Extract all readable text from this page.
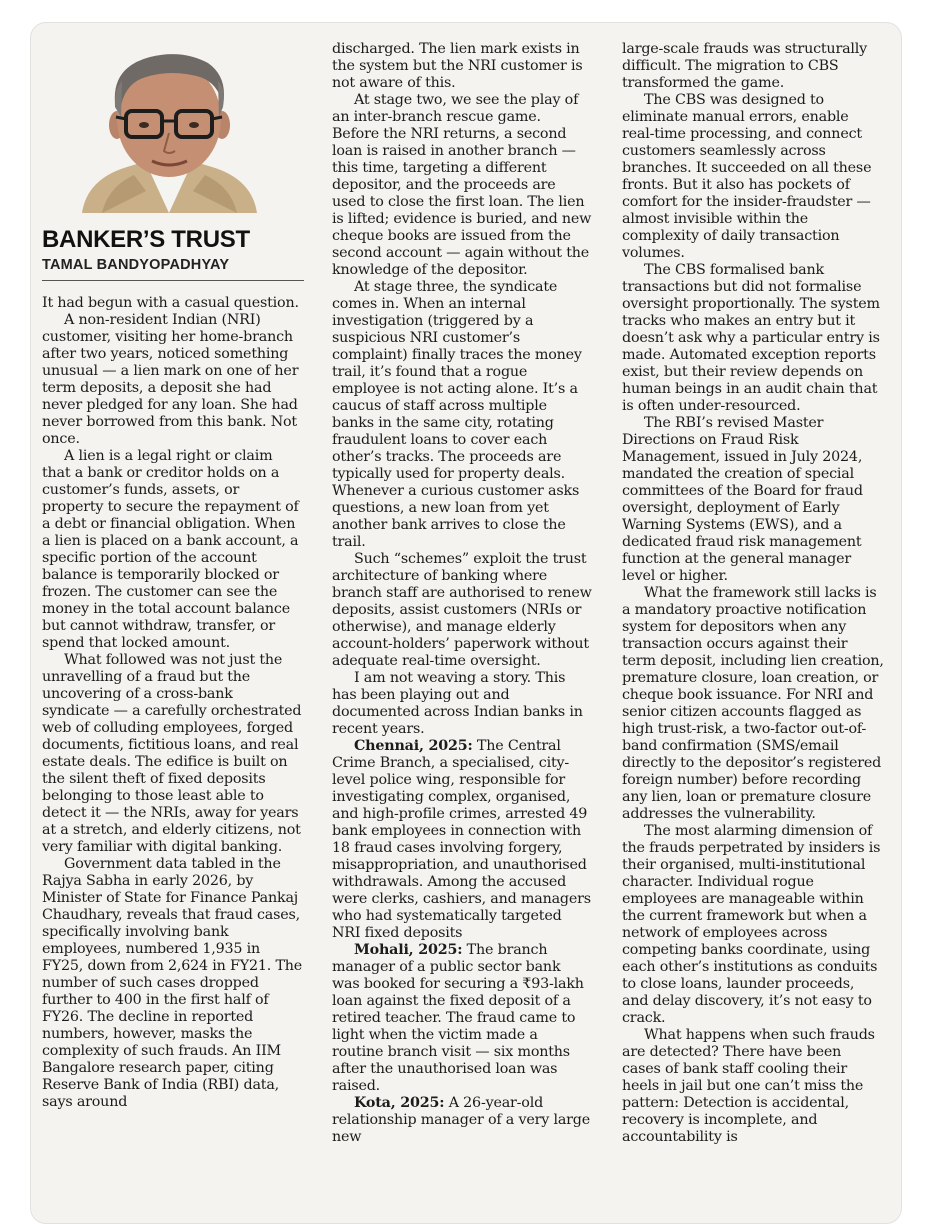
BANKER’S TRUST
TAMAL BANDYOPADHYAY

It had begun with a casual question.

A non-resident Indian (NRI) customer, visiting her home-branch after two years, noticed something unusual — a lien mark on one of her term deposits, a deposit she had never pledged for any loan. She had never borrowed from this bank. Not once.

A lien is a legal right or claim that a bank or creditor holds on a customer’s funds, assets, or property to secure the repayment of a debt or financial obligation. When a lien is placed on a bank account, a specific portion of the account balance is temporarily blocked or frozen. The customer can see the money in the total account balance but cannot withdraw, transfer, or spend that locked amount.

What followed was not just the unravelling of a fraud but the uncovering of a cross-bank syndicate — a carefully orchestrated web of colluding employees, forged documents, fictitious loans, and real estate deals. The edifice is built on the silent theft of fixed deposits belonging to those least able to detect it — the NRIs, away for years at a stretch, and elderly citizens, not very familiar with digital banking.

Government data tabled in the Rajya Sabha in early 2026, by Minister of State for Finance Pankaj Chaudhary, reveals that fraud cases, specifically involving bank employees, numbered 1,935 in FY25, down from 2,624 in FY21. The number of such cases dropped further to 400 in the first half of FY26. The decline in reported numbers, however, masks the complexity of such frauds. An IIM Bangalore research paper, citing Reserve Bank of India (RBI) data, says around

discharged. The lien mark exists in the system but the NRI customer is not aware of this.

At stage two, we see the play of an inter-branch rescue game. Before the NRI returns, a second loan is raised in another branch — this time, targeting a different depositor, and the proceeds are used to close the first loan. The lien is lifted; evidence is buried, and new cheque books are issued from the second account — again without the knowledge of the depositor.

At stage three, the syndicate comes in. When an internal investigation (triggered by a suspicious NRI customer’s complaint) finally traces the money trail, it’s found that a rogue employee is not acting alone. It’s a caucus of staff across multiple banks in the same city, rotating fraudulent loans to cover each other’s tracks. The proceeds are typically used for property deals. Whenever a curious customer asks questions, a new loan from yet another bank arrives to close the trail.

Such “schemes” exploit the trust architecture of banking where branch staff are authorised to renew deposits, assist customers (NRIs or otherwise), and manage elderly account-holders’ paperwork without adequate real-time oversight.

I am not weaving a story. This has been playing out and documented across Indian banks in recent years.

Chennai, 2025: The Central Crime Branch, a specialised, city-level police wing, responsible for investigating complex, organised, and high-profile crimes, arrested 49 bank employees in connection with 18 fraud cases involving forgery, misappropriation, and unauthorised withdrawals. Among the accused were clerks, cashiers, and managers who had systematically targeted NRI fixed deposits

Mohali, 2025: The branch manager of a public sector bank was booked for securing a ₹93-lakh loan against the fixed deposit of a retired teacher. The fraud came to light when the victim made a routine branch visit — six months after the unauthorised loan was raised.

Kota, 2025: A 26-year-old relationship manager of a very large new

large-scale frauds was structurally difficult. The migration to CBS transformed the game.

The CBS was designed to eliminate manual errors, enable real-time processing, and connect customers seamlessly across branches. It succeeded on all these fronts. But it also has pockets of comfort for the insider-fraudster — almost invisible within the complexity of daily transaction volumes.

The CBS formalised bank transactions but did not formalise oversight proportionally. The system tracks who makes an entry but it doesn’t ask why a particular entry is made. Automated exception reports exist, but their review depends on human beings in an audit chain that is often under-resourced.

The RBI’s revised Master Directions on Fraud Risk Management, issued in July 2024, mandated the creation of special committees of the Board for fraud oversight, deployment of Early Warning Systems (EWS), and a dedicated fraud risk management function at the general manager level or higher.

What the framework still lacks is a mandatory proactive notification system for depositors when any transaction occurs against their term deposit, including lien creation, premature closure, loan creation, or cheque book issuance. For NRI and senior citizen accounts flagged as high trust-risk, a two-factor out-of-band confirmation (SMS/email directly to the depositor’s registered foreign number) before recording any lien, loan or premature closure addresses the vulnerability.

The most alarming dimension of the frauds perpetrated by insiders is their organised, multi-institutional character. Individual rogue employees are manageable within the current framework but when a network of employees across competing banks coordinate, using each other’s institutions as conduits to close loans, launder proceeds, and delay discovery, it’s not easy to crack.

What happens when such frauds are detected? There have been cases of bank staff cooling their heels in jail but one can’t miss the pattern: Detection is accidental, recovery is incomplete, and accountability is
